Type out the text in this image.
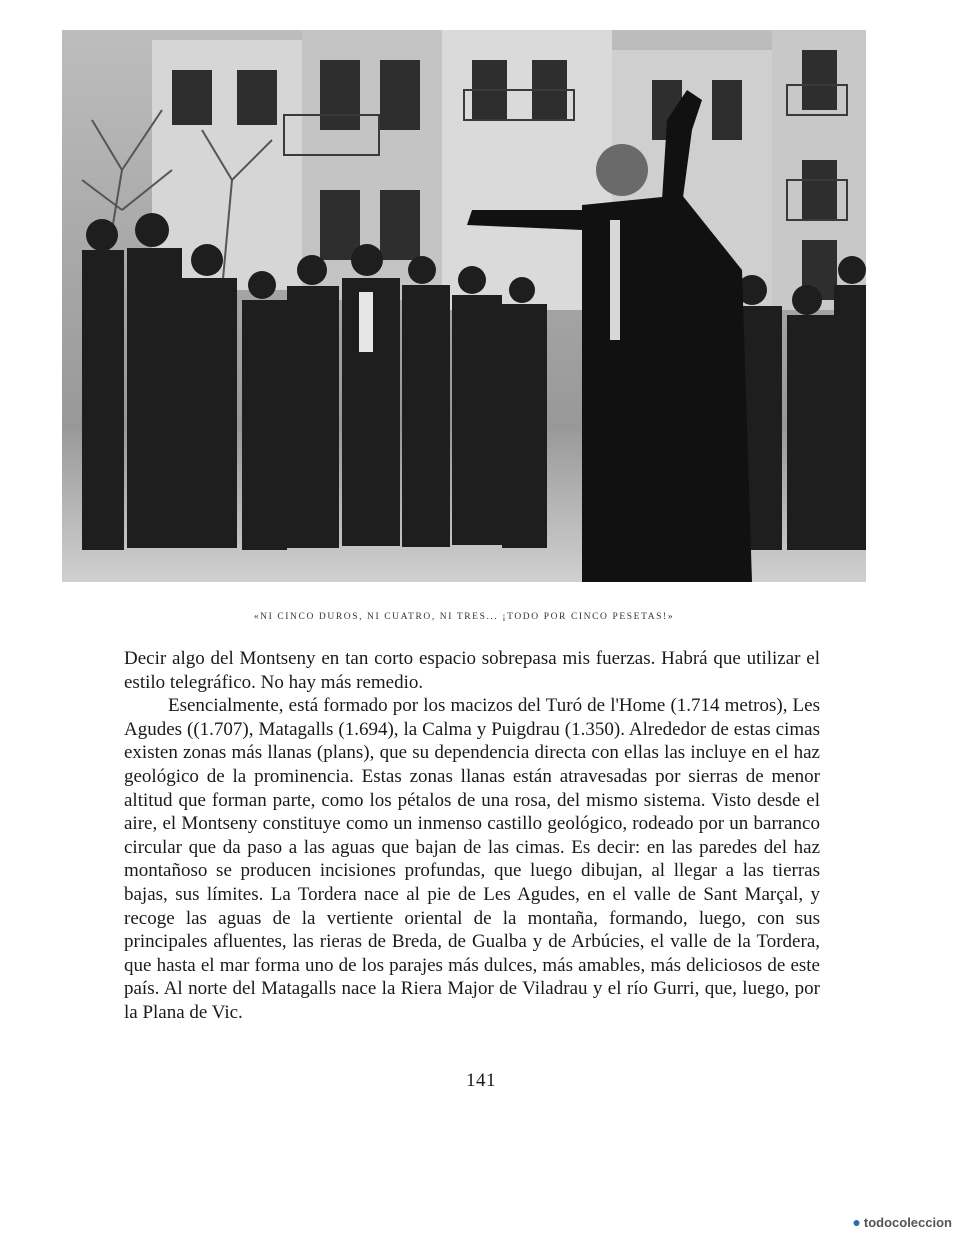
«NI CINCO DUROS, NI CUATRO, NI TRES... ¡TODO POR CINCO PESETAS!»

Decir algo del Montseny en tan corto espacio sobrepasa mis fuerzas. Habrá que utilizar el estilo telegráfico. No hay más remedio.

Esencialmente, está formado por los macizos del Turó de l'Home (1.714 metros), Les Agudes ((1.707), Matagalls (1.694), la Calma y Puigdrau (1.350). Alrededor de estas cimas existen zonas más llanas (plans), que su dependencia directa con ellas las incluye en el haz geológico de la prominencia. Estas zonas llanas están atravesadas por sierras de menor altitud que forman parte, como los pétalos de una rosa, del mismo sistema. Visto desde el aire, el Montseny constituye como un inmenso castillo geológico, rodeado por un barranco circular que da paso a las aguas que bajan de las cimas. Es decir: en las paredes del haz montañoso se producen incisiones profundas, que luego dibujan, al llegar a las tierras bajas, sus límites. La Tordera nace al pie de Les Agudes, en el valle de Sant Marçal, y recoge las aguas de la vertiente oriental de la montaña, formando, luego, con sus principales afluentes, las rieras de Breda, de Gualba y de Arbúcies, el valle de la Tordera, que hasta el mar forma uno de los parajes más dulces, más amables, más deliciosos de este país. Al norte del Matagalls nace la Riera Major de Viladrau y el río Gurri, que, luego, por la Plana de Vic.

141
● todocoleccion
